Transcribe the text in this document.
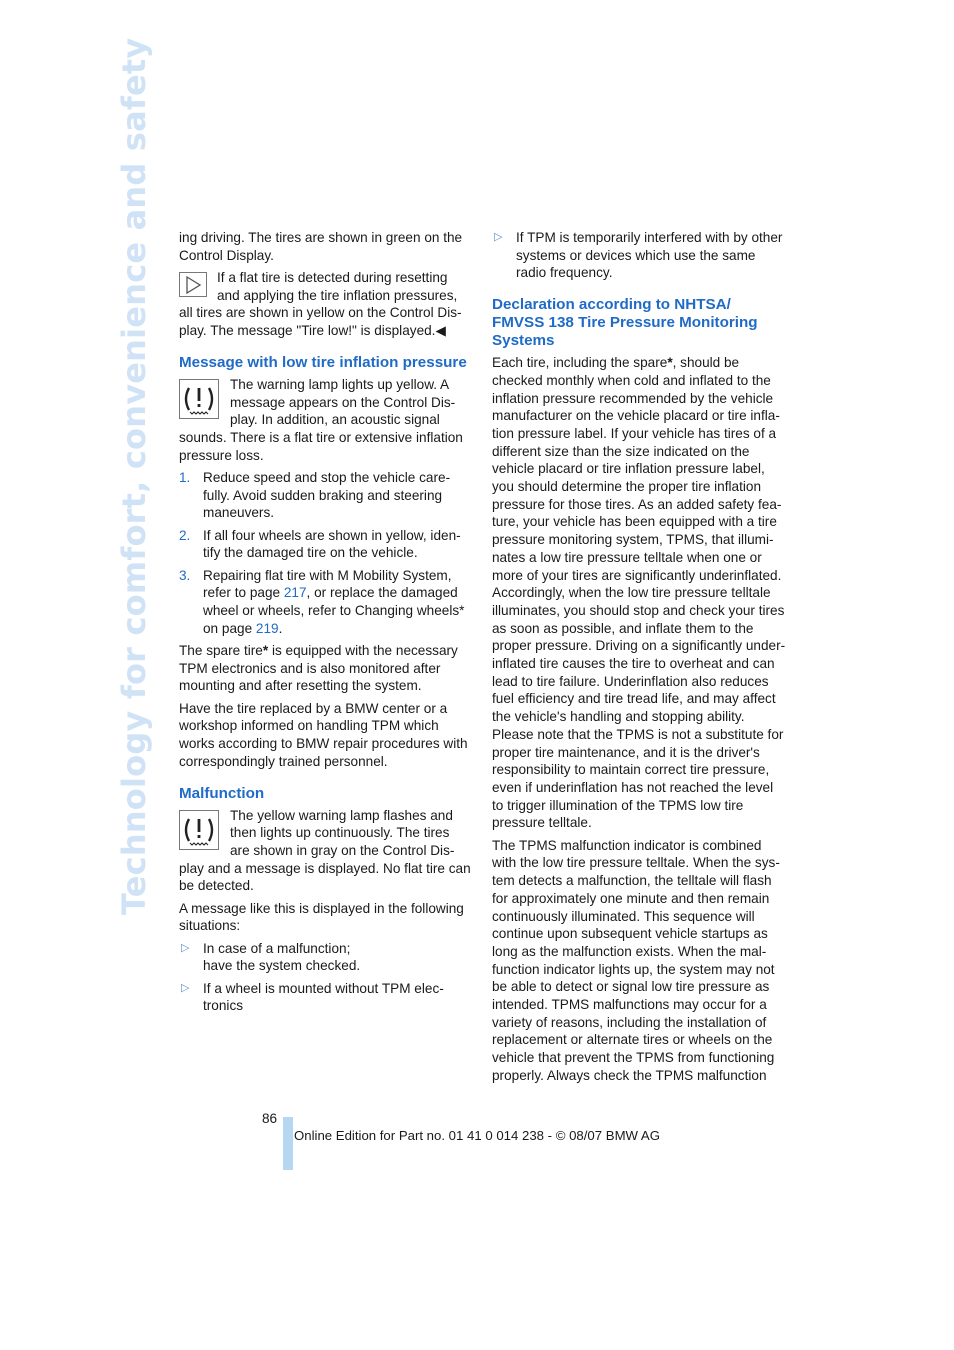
Technology for comfort, convenience and safety ing driving. The tires are shown in green on the Control Display.

If a flat tire is detected during resetting and applying the tire inflation pressures, all tires are shown in yellow on the Control Display. The message "Tire low!" is displayed.◀

Message with low tire inflation pressure

The warning lamp lights up yellow. A message appears on the Control Display. In addition, an acoustic signal sounds. There is a flat tire or extensive inflation pressure loss.

1. Reduce speed and stop the vehicle carefully. Avoid sudden braking and steering maneuvers.
2. If all four wheels are shown in yellow, identify the damaged tire on the vehicle.
3. Repairing flat tire with M Mobility System, refer to page 217, or replace the damaged wheel or wheels, refer to Changing wheels* on page 219.

The spare tire* is equipped with the necessary TPM electronics and is also monitored after mounting and after resetting the system.

Have the tire replaced by a BMW center or a workshop informed on handling TPM which works according to BMW repair procedures with correspondingly trained personnel.

Malfunction

The yellow warning lamp flashes and then lights up continuously. The tires are shown in gray on the Control Display and a message is displayed. No flat tire can be detected.

A message like this is displayed in the following situations:

▷ In case of a malfunction;
have the system checked.
▷ If a wheel is mounted without TPM electronics
▷ If TPM is temporarily interfered with by other systems or devices which use the same radio frequency.
Declaration according to NHTSA/ FMVSS 138 Tire Pressure Monitoring Systems

Each tire, including the spare*, should be checked monthly when cold and inflated to the inflation pressure recommended by the vehicle manufacturer on the vehicle placard or tire inflation pressure label. If your vehicle has tires of a different size than the size indicated on the vehicle placard or tire inflation pressure label, you should determine the proper tire inflation pressure for those tires. As an added safety feature, your vehicle has been equipped with a tire pressure monitoring system, TPMS, that illuminates a low tire pressure telltale when one or more of your tires are significantly underinflated. Accordingly, when the low tire pressure telltale illuminates, you should stop and check your tires as soon as possible, and inflate them to the proper pressure. Driving on a significantly under-inflated tire causes the tire to overheat and can lead to tire failure. Underinflation also reduces fuel efficiency and tire tread life, and may affect the vehicle's handling and stopping ability. Please note that the TPMS is not a substitute for proper tire maintenance, and it is the driver's responsibility to maintain correct tire pressure, even if underinflation has not reached the level to trigger illumination of the TPMS low tire pressure telltale.

The TPMS malfunction indicator is combined with the low tire pressure telltale. When the system detects a malfunction, the telltale will flash for approximately one minute and then remain continuously illuminated. This sequence will continue upon subsequent vehicle startups as long as the malfunction exists. When the malfunction indicator lights up, the system may not be able to detect or signal low tire pressure as intended. TPMS malfunctions may occur for a variety of reasons, including the installation of replacement or alternate tires or wheels on the vehicle that prevent the TPMS from functioning properly. Always check the TPMS malfunction

86
Online Edition for Part no. 01 41 0 014 238 - © 08/07 BMW AG
